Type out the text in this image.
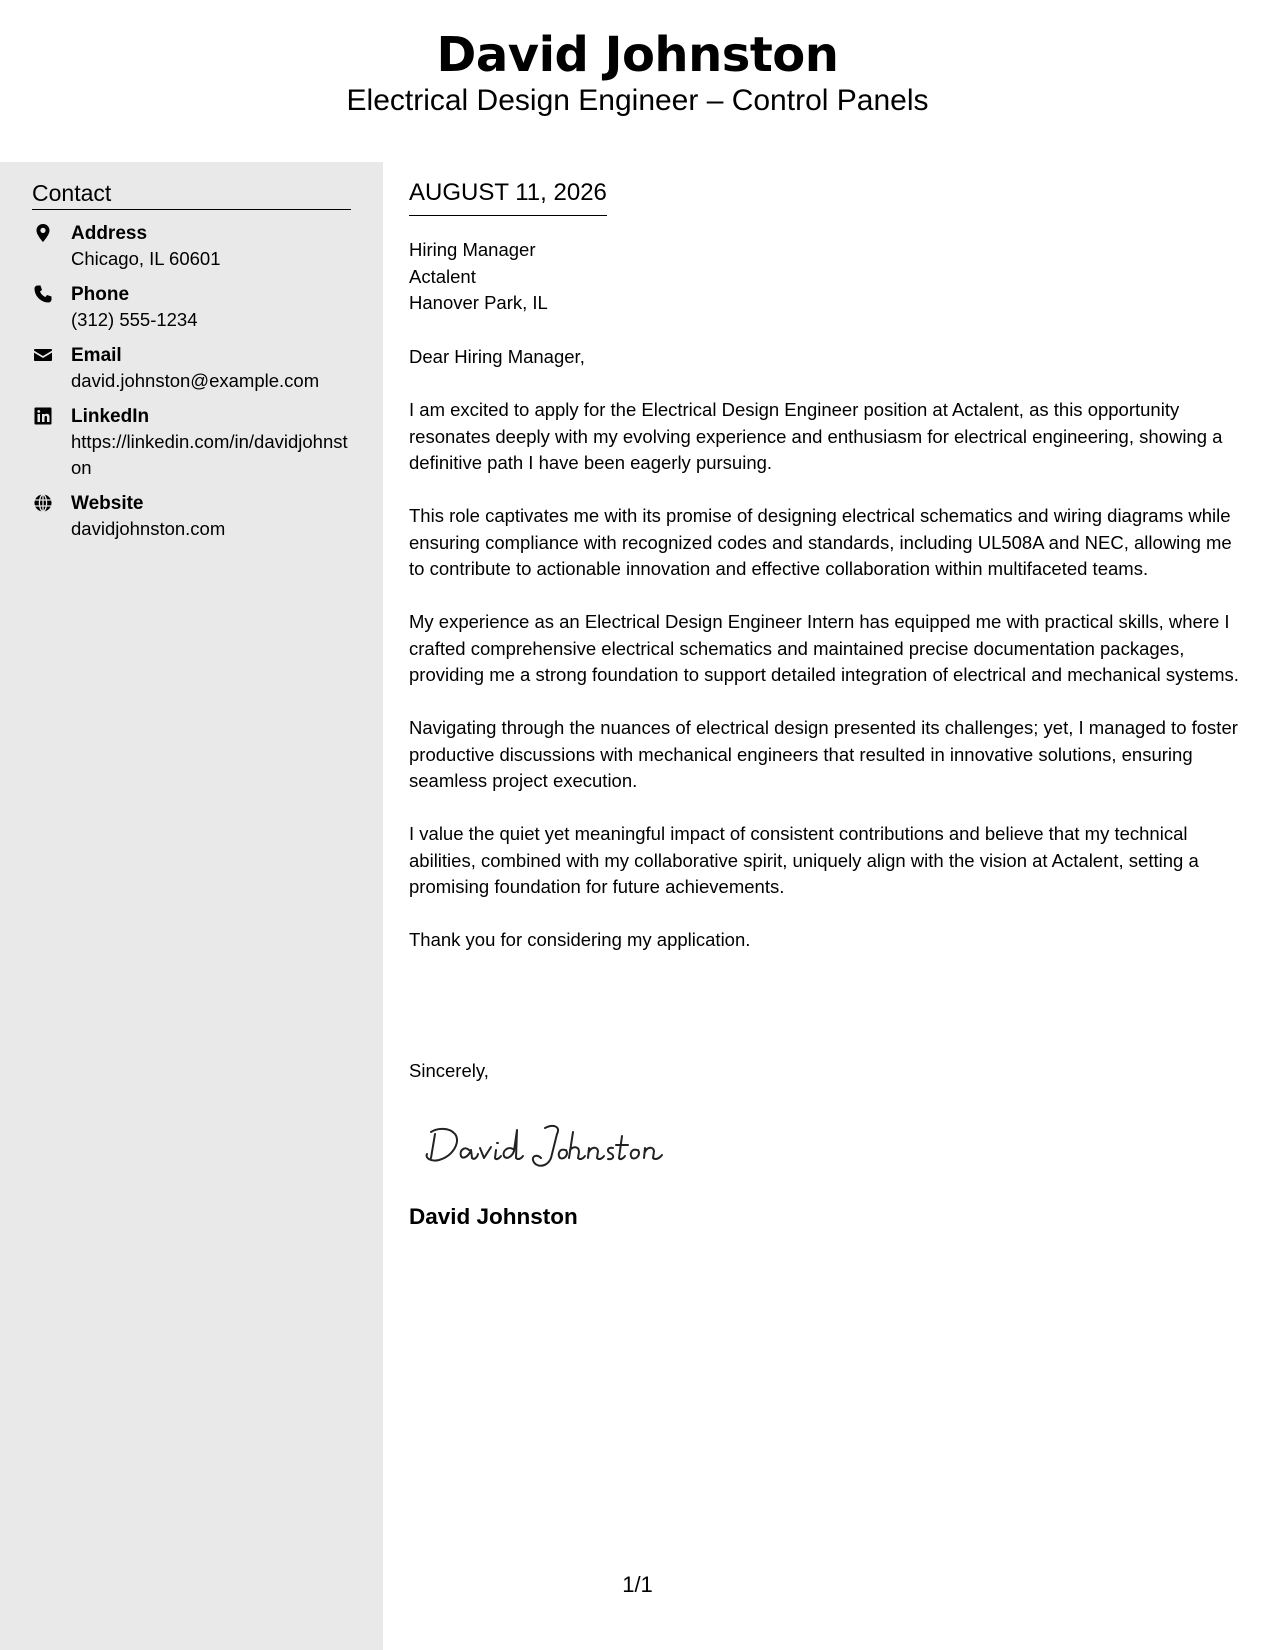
David Johnston
Electrical Design Engineer – Control Panels
Contact
Address
Chicago, IL 60601
Phone
(312) 555-1234
Email
david.johnston@example.com
LinkedIn
https://linkedin.com/in/davidjohnston
Website
davidjohnston.com
AUGUST 11, 2026
Hiring Manager
Actalent
Hanover Park, IL

Dear Hiring Manager,

I am excited to apply for the Electrical Design Engineer position at Actalent, as this opportunity resonates deeply with my evolving experience and enthusiasm for electrical engineering, showing a definitive path I have been eagerly pursuing.

This role captivates me with its promise of designing electrical schematics and wiring diagrams while ensuring compliance with recognized codes and standards, including UL508A and NEC, allowing me to contribute to actionable innovation and effective collaboration within multifaceted teams.

My experience as an Electrical Design Engineer Intern has equipped me with practical skills, where I crafted comprehensive electrical schematics and maintained precise documentation packages, providing me a strong foundation to support detailed integration of electrical and mechanical systems.

Navigating through the nuances of electrical design presented its challenges; yet, I managed to foster productive discussions with mechanical engineers that resulted in innovative solutions, ensuring seamless project execution.

I value the quiet yet meaningful impact of consistent contributions and believe that my technical abilities, combined with my collaborative spirit, uniquely align with the vision at Actalent, setting a promising foundation for future achievements.

Thank you for considering my application.

Sincerely,
David Johnston
1/1
